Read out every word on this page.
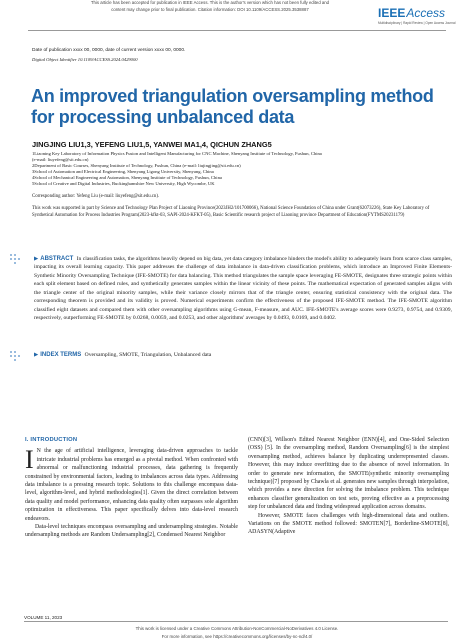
This article has been accepted for publication in IEEE Access. This is the author's version which has not been fully edited and
content may change prior to final publication. Citation information: DOI 10.1109/ACCESS.2025.3538887	IEEEAccess
Multidisciplinary | Rapid Review | Open Access Journal
Date of publication xxxx 00, 0000, date of current version xxxx 00, 0000.
Digital Object Identifier 10.1109/ACCESS.2024.0429000
An improved triangulation oversampling method for processing unbalanced data
JINGJING LIU1,3, YEFENG LIU1,5, YANWEI MA1,4, QICHUN ZHANG5
1Liaoning Key Laboratory of Information Physics Fusion and Intelligent Manufacturing for CNC Machine, Shenyang Institute of Technology, Fushun, China
(e-mail: liuyefeng@sit.edu.cn)
2Department of Basic Courses, Shenyang Institute of Technology, Fushun, China (e-mail: liujingjing@sit.edu.cn)
3School of Automation and Electrical Engineering, Shenyang Ligong University, Shenyang, China
4School of Mechanical Engineering and Automation, Shenyang Institute of Technology, Fushun, China
5School of Creative and Digital Industries, Buckinghamshire New University, High Wycombe, UK
Corresponding author: Yefeng Liu (e-mail: liuyefeng@sit.edu.cn).
This work was supported in part by Science and Technology Plan Project of Liaoning Province(2023JH2/101700066), National Science Foundation of China under Grant(62073226), State Key Laboratory of Synthetical Automation for Process Industries Program(2023-kfkt-03, SAPI-2024-KFKT-05), Basic Scientific research project of Liaoning province Department of Education(FYTMS20231179)
▶ ABSTRACT In classification tasks, the algorithms heavily depend on big data, yet data category imbalance hinders the model's ability to adequately learn from scarce class samples, impacting its overall learning capacity. This paper addresses the challenge of data imbalance in data-driven classification problems, which introduce an Improved Finite Elements-Synthetic Minority Oversampling Technique (IFE-SMOTE) for data balancing. This method triangulates the sample space leveraging FE-SMOTE, designates three strategic points within each split element based on defined rules, and synthetically generates samples within the linear vicinity of these points. The mathematical expectation of generated samples aligns with the triangle center of the original minority samples, while their variance closely mirrors that of the triangle center, ensuring statistical consistency with the original data. The corresponding theorem is provided and its validity is proved. Numerical experiments confirm the effectiveness of the proposed IFE-SMOTE method. The IFE-SMOTE algorithm classified eight datasets and compared them with other oversampling algorithms using G-mean, F-measure, and AUC. IFE-SMOTE's average scores were 0.9273, 0.9754, and 0.9309, respectively, outperforming FE-SMOTE by 0.0268, 0.0059, and 0.0253, and other algorithms' averages by 0.0493, 0.0169, and 0.0402.
▶ INDEX TERMS Oversampling, SMOTE, Triangulation, Unbalanced data
I. INTRODUCTION

I N the age of artificial intelligence, leveraging data-driven approaches to tackle intricate industrial problems has emerged as a pivotal method. When confronted with abnormal or malfunctioning industrial processes, data gathering is frequently constrained by environmental factors, leading to imbalances across data types. Addressing data imbalance is a pressing research topic. Solutions to this challenge encompass data-level, algorithm-level, and hybrid methodologies[1]. Given the direct correlation between data quality and model performance, enhancing data quality often surpasses sole algorithm optimization in effectiveness. This paper specifically delves into data-level research endeavors.

Data-level techniques encompass oversampling and undersampling strategies. Notable undersampling methods are Random Undersampling[2], Condensed Nearest Neighbor

(CNN)[3], Willson's Edited Nearest Neighbor (ENN)[4], and One-Sided Selection (OSS) [5]. In the oversampling method, Random Oversampling[6] is the simplest oversampling method, achieves balance by duplicating underrepresented classes. However, this may induce overfitting due to the absence of novel information. In order to generate new information, the SMOTE(synthetic minority oversampling technique)[7] proposed by Chawla et al. generates new samples through interpolation, which provides a new direction for solving the imbalance problem. This technique enhances classifier generalization on test sets, proving effective as a preprocessing step for unbalanced data and finding widespread application across domains.

However, SMOTE faces challenges with high-dimensional data and outliers. Variations on the SMOTE method followed: SMOTEN[7], Borderline-SMOTE[8], ADASYN(Adaptive

VOLUME 11, 2023
This work is licensed under a Creative Commons Attribution-NonCommercial-NoDerivatives 4.0 License.
For more information, see https://creativecommons.org/licenses/by-nc-nd/4.0/
